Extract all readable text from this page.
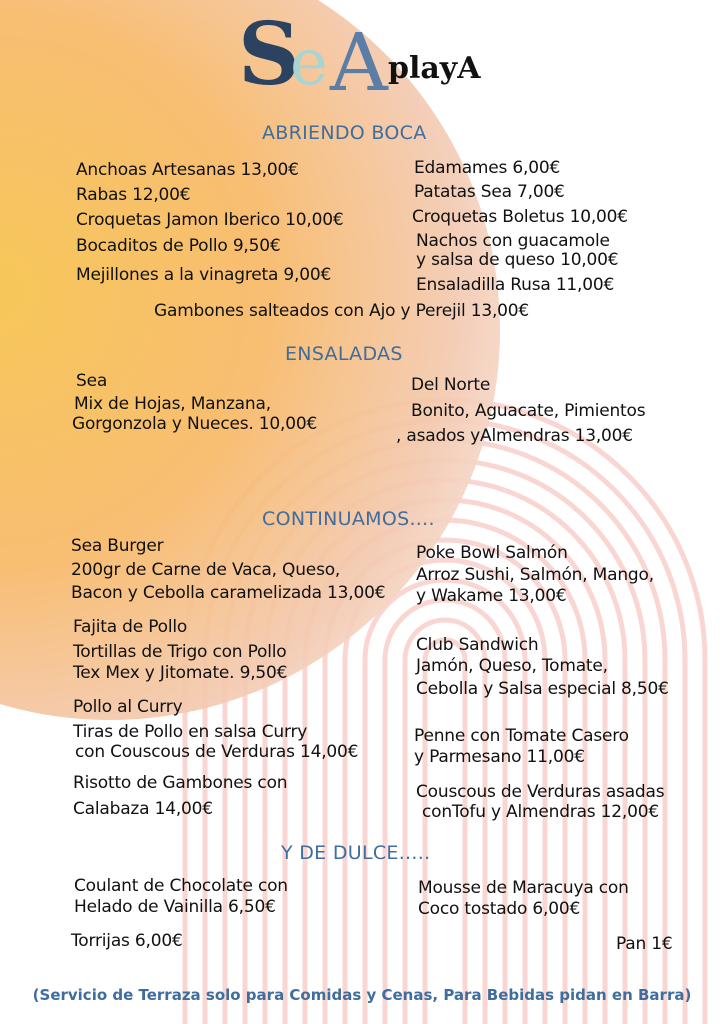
S
e A playA
ABRIENDO BOCA
Anchoas Artesanas 13,00€
Rabas 12,00€
Croquetas Jamon Iberico 10,00€
Bocaditos de Pollo 9,50€
Mejillones a la vinagreta 9,00€
Edamames 6,00€
Patatas Sea 7,00€
Croquetas Boletus 10,00€
Nachos con guacamole
y salsa de queso 10,00€
Ensaladilla Rusa 11,00€
Gambones salteados con Ajo y Perejil 13,00€
ENSALADAS
Sea
Mix de Hojas, Manzana,
Gorgonzola y Nueces. 10,00€
Del Norte
Bonito, Aguacate, Pimientos
, asados yAlmendras 13,00€
CONTINUAMOS....
Sea Burger
200gr de Carne de Vaca, Queso,
Bacon y Cebolla caramelizada 13,00€
Fajita de Pollo
Tortillas de Trigo con Pollo
Tex Mex y Jitomate. 9,50€
Pollo al Curry
Tiras de Pollo en salsa Curry
con Couscous de Verduras 14,00€
Risotto de Gambones con
Calabaza 14,00€
Poke Bowl Salmón
Arroz Sushi, Salmón, Mango,
y Wakame 13,00€
Club Sandwich
Jamón, Queso, Tomate,
Cebolla y Salsa especial 8,50€
Penne con Tomate Casero
y Parmesano 11,00€
Couscous de Verduras asadas
conTofu y Almendras 12,00€
Y DE DULCE.....
Coulant de Chocolate con
Helado de Vainilla 6,50€
Torrijas 6,00€
Mousse de Maracuya con
Coco tostado 6,00€
Pan 1€
(Servicio de Terraza solo para Comidas y Cenas, Para Bebidas pidan en Barra)
